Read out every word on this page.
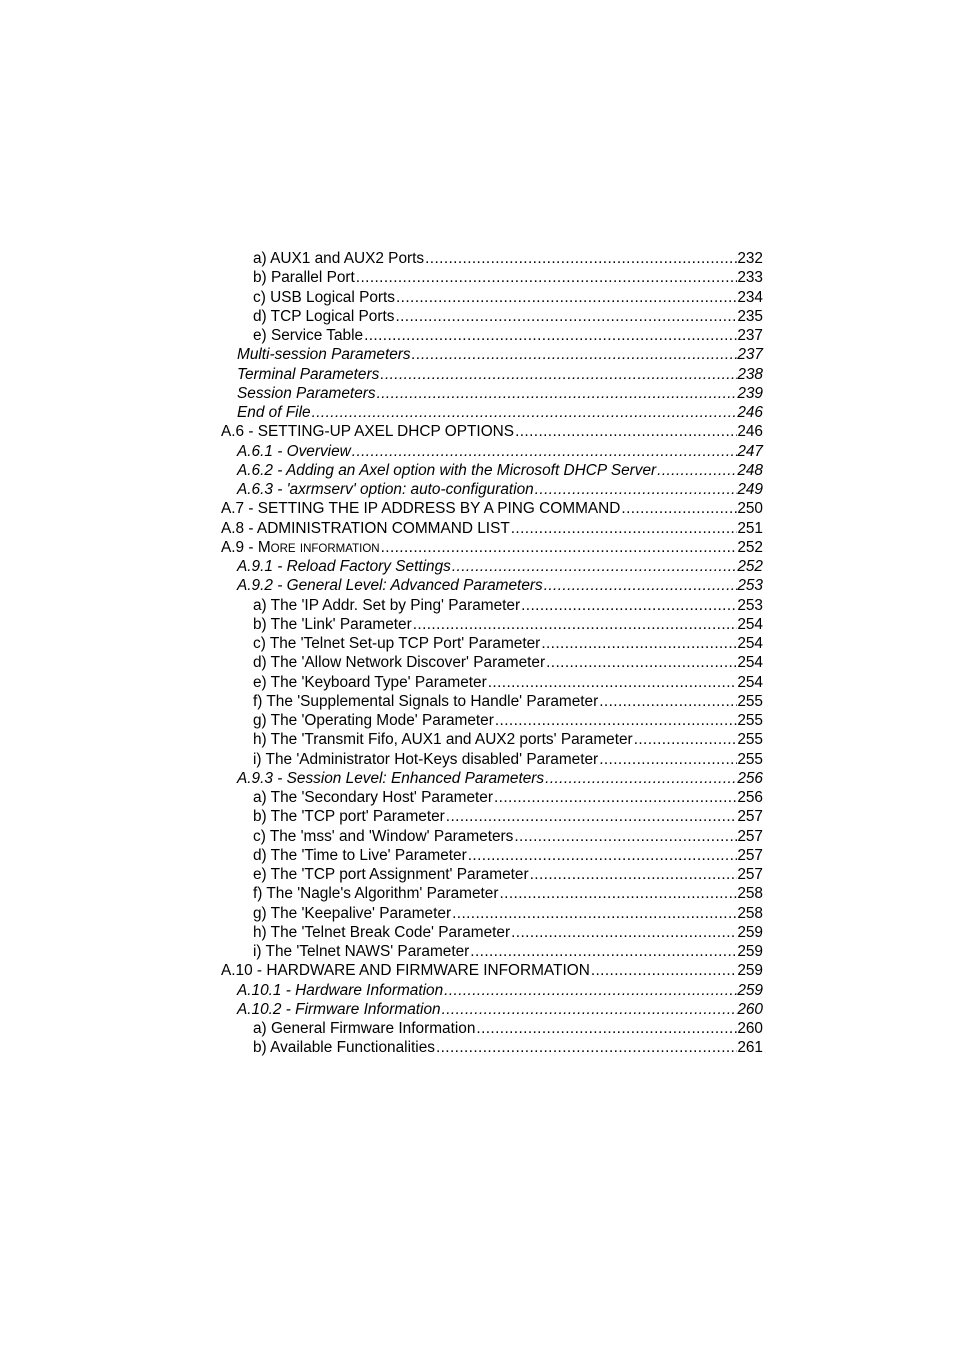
a) AUX1 and AUX2 Ports .....	232
b) Parallel Port .....	233
c) USB Logical Ports .....	234
d) TCP Logical Ports .....	235
e) Service Table .....	237
Multi-session Parameters .....	237
Terminal Parameters .....	238
Session Parameters .....	239
End of File .....	246
A.6 - SETTING-UP AXEL DHCP OPTIONS .....	246
A.6.1 - Overview .....	247
A.6.2 - Adding an Axel option with the Microsoft DHCP Server .....	248
A.6.3 - 'axrmserv' option: auto-configuration .....	249
A.7 - SETTING THE IP ADDRESS BY A PING COMMAND .....	250
A.8 - ADMINISTRATION COMMAND LIST .....	251
A.9 - MORE INFORMATION .....	252
A.9.1 - Reload Factory Settings .....	252
A.9.2 - General Level: Advanced Parameters .....	253
a) The 'IP Addr. Set by Ping' Parameter .....	253
b) The 'Link' Parameter .....	254
c) The 'Telnet Set-up TCP Port' Parameter .....	254
d) The 'Allow Network Discover' Parameter .....	254
e) The 'Keyboard Type' Parameter .....	254
f) The 'Supplemental Signals to Handle' Parameter .....	255
g) The 'Operating Mode' Parameter .....	255
h) The 'Transmit Fifo, AUX1 and AUX2 ports' Parameter .....	255
i) The 'Administrator Hot-Keys disabled' Parameter .....	255
A.9.3 - Session Level: Enhanced Parameters .....	256
a) The 'Secondary Host' Parameter .....	256
b) The 'TCP port' Parameter .....	257
c) The 'mss' and 'Window' Parameters .....	257
d) The 'Time to Live' Parameter .....	257
e) The 'TCP port Assignment' Parameter .....	257
f) The 'Nagle's Algorithm' Parameter .....	258
g) The 'Keepalive' Parameter .....	258
h) The 'Telnet Break Code' Parameter .....	259
i) The 'Telnet NAWS' Parameter .....	259
A.10 - HARDWARE AND FIRMWARE INFORMATION .....	259
A.10.1 - Hardware Information .....	259
A.10.2 - Firmware Information .....	260
a) General Firmware Information .....	260
b) Available Functionalities .....	261
